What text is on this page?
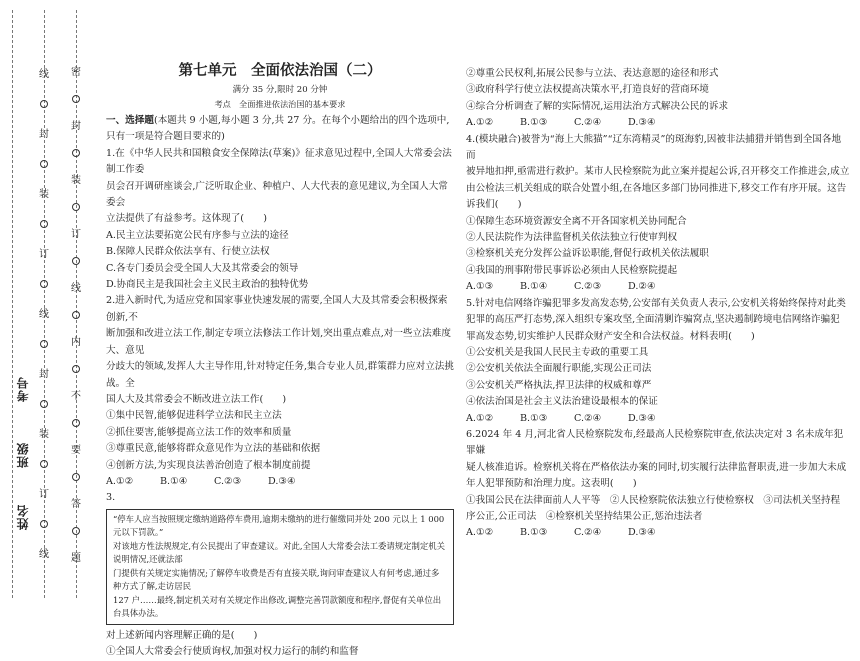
姓名
班级
考号
线
封
装
订
线
封
装
订
线
密
封
装
订
线
内
不
要
答
题

第七单元　全面依法治国（二）

满分 35 分,限时 20 分钟

考点　全面推进依法治国的基本要求

一、选择题(本题共 9 小题,每小题 3 分,共 27 分。在每个小题给出的四个选项中,只有一项是符合题目要求的)

1.在《中华人民共和国粮食安全保障法(草案)》征求意见过程中,全国人大常委会法制工作委

员会召开调研座谈会,广泛听取企业、种植户、人大代表的意见建议,为全国人大常委会

立法提供了有益参考。这体现了(　　)

A.民主立法要拓宽公民有序参与立法的途径

B.保障人民群众依法享有、行使立法权

C.各专门委员会受全国人大及其常委会的领导

D.协商民主是我国社会主义民主政治的独特优势

2.进入新时代,为适应党和国家事业快速发展的需要,全国人大及其常委会积极探索创新,不

断加强和改进立法工作,制定专项立法修法工作计划,突出重点难点,对一些立法难度大、意见

分歧大的领域,发挥人大主导作用,针对特定任务,集合专业人员,群策群力应对立法挑战。全

国人大及其常委会不断改进立法工作(　　)

①集中民智,能够促进科学立法和民主立法

②抓住要害,能够提高立法工作的效率和质量

③尊重民意,能够将群众意见作为立法的基础和依据

④创新方法,为实现良法善治创造了根本制度前提

A.①②	B.①④	C.②③	D.③④

3.

“停车人应当按照规定缴纳道路停车费用,逾期未缴纳的进行催缴同并处 200 元以上 1 000 元以下罚款。”
对该地方性法规规定,有公民提出了审查建议。对此,全国人大常委会法工委请规定制定机关说明情况,还就法部
门提供有关规定实施情况;了解停车收费是否有直接关联,询问审查建议人有何考虑,通过多种方式了解,走访居民
127 户……最终,制定机关对有关规定作出修改,调整完善罚款额度和程序,督促有关单位出台具体办法。

对上述新闻内容理解正确的是(　　)

①全国人大常委会行使质询权,加强对权力运行的制约和监督

②尊重公民权利,拓展公民参与立法、表达意愿的途径和形式

③政府科学行使立法权提高决策水平,打造良好的营商环境

④综合分析调查了解的实际情况,运用法治方式解决公民的诉求

A.①②	B.①③	C.②④	D.③④

4.(模块融合)被誉为“海上大熊猫”“辽东湾精灵”的斑海豹,因被非法捕猎并销售到全国各地而

被异地扣押,亟需进行救护。某市人民检察院为此立案并提起公诉,召开移交工作推进会,成立

由公检法三机关组成的联合处置小组,在各地区多部门协同推进下,移交工作有序开展。这告

诉我们(　　)

①保障生态环境资源安全离不开各国家机关协同配合

②人民法院作为法律监督机关依法独立行使审判权

③检察机关充分发挥公益诉讼职能,督促行政机关依法履职

④我国的刑事附带民事诉讼必须由人民检察院提起

A.①③	B.①④	C.②③	D.②④

5.针对电信网络诈骗犯罪多发高发态势,公安部有关负责人表示,公安机关将始终保持对此类

犯罪的高压严打态势,深入组织专案攻坚,全面清剿诈骗窝点,坚决遏制跨境电信网络诈骗犯

罪高发态势,切实维护人民群众财产安全和合法权益。材料表明(　　)

①公安机关是我国人民民主专政的重要工具

②公安机关依法全面履行职能,实现公正司法

③公安机关严格执法,捍卫法律的权威和尊严

④依法治国是社会主义法治建设最根本的保证

A.①②	B.①③	C.②④	D.③④

6.2024 年 4 月,河北省人民检察院发布,经最高人民检察院审查,依法决定对 3 名未成年犯罪嫌

疑人核准追诉。检察机关将在严格依法办案的同时,切实履行法律监督职责,进一步加大未成

年人犯罪预防和治理力度。这表明(　　)

①我国公民在法律面前人人平等　②人民检察院依法独立行使检察权　③司法机关坚持程

序公正,公正司法　④检察机关坚持结果公正,惩治违法者

A.①②	B.①③	C.②④	D.③④
